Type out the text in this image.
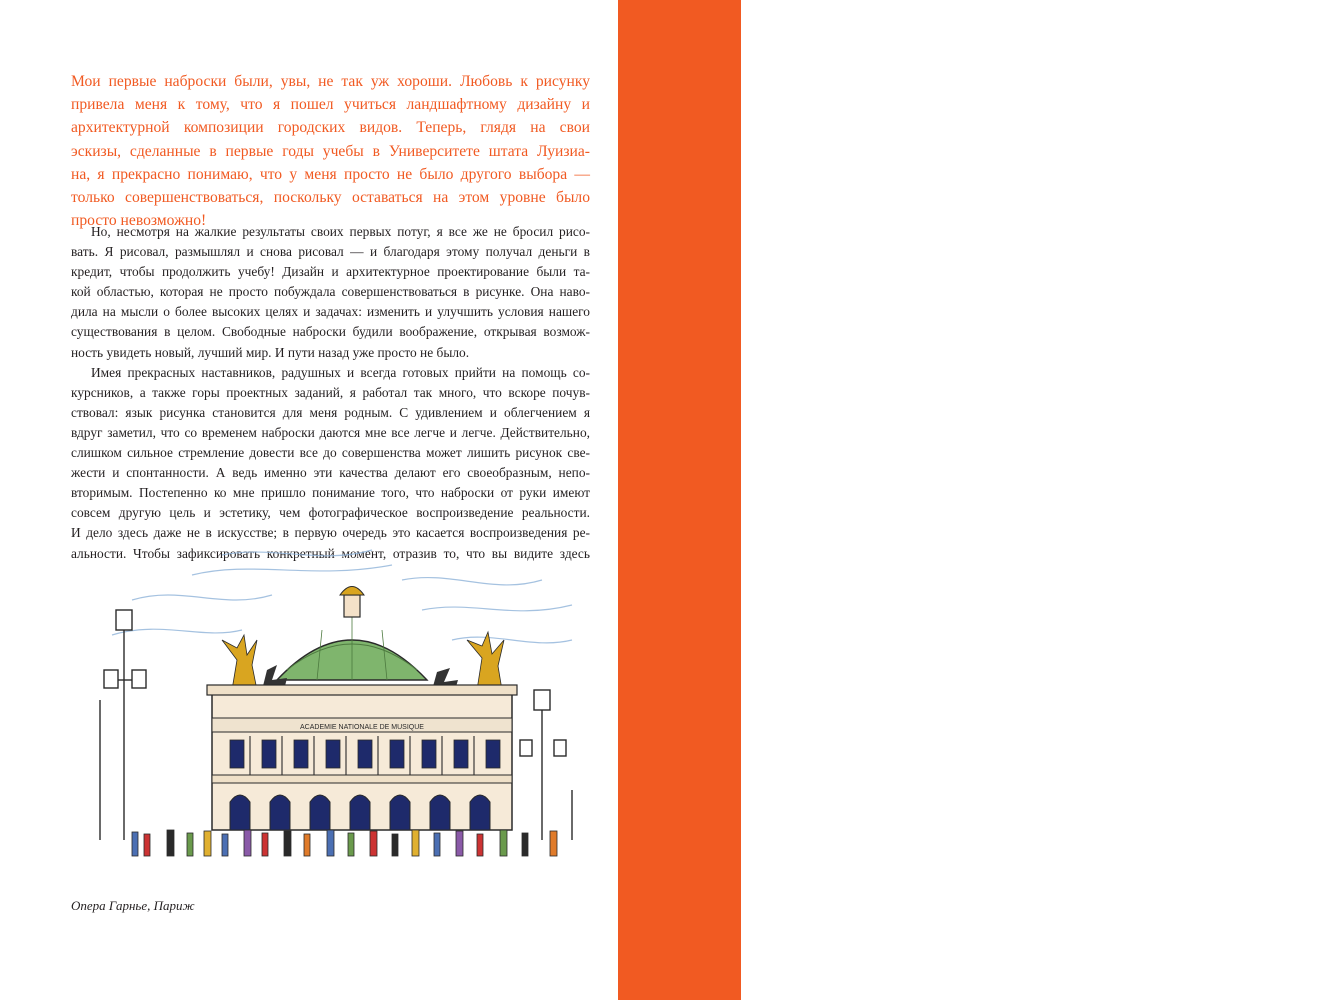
ВВЕДЕНИЕ

Мои первые наброски были, увы, не так уж хороши. Любовь к рисунку
привела меня к тому, что я пошел учиться ландшафтному дизайну и
архитектурной композиции городских видов. Теперь, глядя на свои
эскизы, сделанные в первые годы учебы в Университете штата Луизиа-
на, я прекрасно понимаю, что у меня просто не было другого выбора —
только совершенствоваться, поскольку оставаться на этом уровне было
просто невозможно!

Но, несмотря на жалкие результаты своих первых потуг, я все же не бросил рисо-
вать. Я рисовал, размышлял и снова рисовал — и благодаря этому получал деньги в
кредит, чтобы продолжить учебу! Дизайн и архитектурное проектирование были та-
кой областью, которая не просто побуждала совершенствоваться в рисунке. Она наво-
дила на мысли о более высоких целях и задачах: изменить и улучшить условия нашего
существования в целом. Свободные наброски будили воображение, открывая возмож-
ность увидеть новый, лучший мир. И пути назад уже просто не было.
Имея прекрасных наставников, радушных и всегда готовых прийти на помощь со-
курсников, а также горы проектных заданий, я работал так много, что вскоре почув-
ствовал: язык рисунка становится для меня родным. С удивлением и облегчением я
вдруг заметил, что со временем наброски даются мне все легче и легче. Действительно,
слишком сильное стремление довести все до совершенства может лишить рисунок све-
жести и спонтанности. А ведь именно эти качества делают его своеобразным, непо-
вторимым. Постепенно ко мне пришло понимание того, что наброски от руки имеют
совсем другую цель и эстетику, чем фотографическое воспроизведение реальности.
И дело здесь даже не в искусстве; в первую очередь это касается воспроизведения ре-
альности. Чтобы зафиксировать конкретный момент, отразив то, что вы видите здесь

ACADEMIE NATIONALE DE MUSIQUE

Опера Гарнье, Париж
